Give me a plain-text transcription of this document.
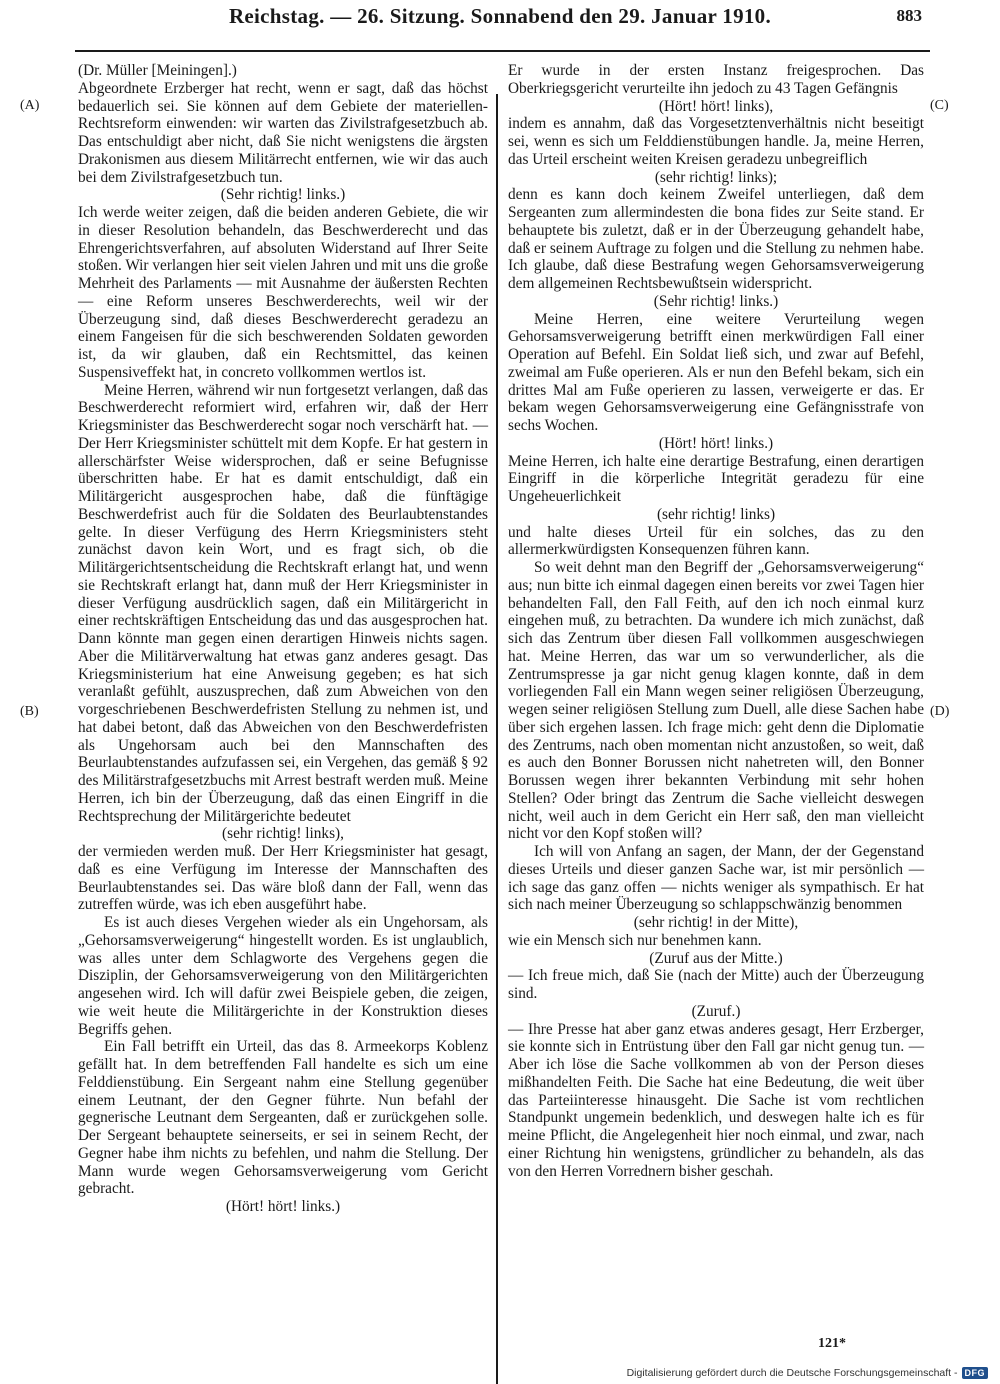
Reichstag. — 26. Sitzung. Sonnabend den 29. Januar 1910.	883
(A)
(B)
(C)
(D)

(Dr. Müller [Meiningen].)

Abgeordnete Erzberger hat recht, wenn er sagt, daß das höchst bedauerlich sei. Sie können auf dem Gebiete der materiellen-Rechtsreform einwenden: wir warten das Zivilstrafgesetzbuch ab. Das entschuldigt aber nicht, daß Sie nicht wenigstens die ärgsten Drakonismen aus diesem Militärrecht entfernen, wie wir das auch bei dem Zivilstrafgesetzbuch tun.

(Sehr richtig! links.)

Ich werde weiter zeigen, daß die beiden anderen Gebiete, die wir in dieser Resolution behandeln, das Beschwerderecht und das Ehrengerichtsverfahren, auf absoluten Widerstand auf Ihrer Seite stoßen. Wir verlangen hier seit vielen Jahren und mit uns die große Mehrheit des Parlaments — mit Ausnahme der äußersten Rechten — eine Reform unseres Beschwerderechts, weil wir der Überzeugung sind, daß dieses Beschwerderecht geradezu an einem Fangeisen für die sich beschwerenden Soldaten geworden ist, da wir glauben, daß ein Rechtsmittel, das keinen Suspensiveffekt hat, in concreto vollkommen wertlos ist.

Meine Herren, während wir nun fortgesetzt verlangen, daß das Beschwerderecht reformiert wird, erfahren wir, daß der Herr Kriegsminister das Beschwerderecht sogar noch verschärft hat. — Der Herr Kriegsminister schüttelt mit dem Kopfe. Er hat gestern in allerschärfster Weise widersprochen, daß er seine Befugnisse überschritten habe. Er hat es damit entschuldigt, daß ein Militärgericht ausgesprochen habe, daß die fünftägige Beschwerdefrist auch für die Soldaten des Beurlaubtenstandes gelte. In dieser Verfügung des Herrn Kriegsministers steht zunächst davon kein Wort, und es fragt sich, ob die Militärgerichtsentscheidung die Rechtskraft erlangt hat, und wenn sie Rechtskraft erlangt hat, dann muß der Herr Kriegsminister in dieser Verfügung ausdrücklich sagen, daß ein Militärgericht in einer rechtskräftigen Entscheidung das und das ausgesprochen hat. Dann könnte man gegen einen derartigen Hinweis nichts sagen. Aber die Militärverwaltung hat etwas ganz anderes gesagt. Das Kriegsministerium hat eine Anweisung gegeben; es hat sich veranlaßt gefühlt, auszusprechen, daß zum Abweichen von den vorgeschriebenen Beschwerdefristen Stellung zu nehmen ist, und hat dabei betont, daß das Abweichen von den Beschwerdefristen als Ungehorsam auch bei den Mannschaften des Beurlaubtenstandes aufzufassen sei, ein Vergehen, das gemäß § 92 des Militärstrafgesetzbuchs mit Arrest bestraft werden muß. Meine Herren, ich bin der Überzeugung, daß das einen Eingriff in die Rechtsprechung der Militärgerichte bedeutet

(sehr richtig! links),

der vermieden werden muß. Der Herr Kriegsminister hat gesagt, daß es eine Verfügung im Interesse der Mannschaften des Beurlaubtenstandes sei. Das wäre bloß dann der Fall, wenn das zutreffen würde, was ich eben ausgeführt habe.

Es ist auch dieses Vergehen wieder als ein Ungehorsam, als „Gehorsamsverweigerung“ hingestellt worden. Es ist unglaublich, was alles unter dem Schlagworte des Vergehens gegen die Disziplin, der Gehorsamsverweigerung von den Militärgerichten angesehen wird. Ich will dafür zwei Beispiele geben, die zeigen, wie weit heute die Militärgerichte in der Konstruktion dieses Begriffs gehen.

Ein Fall betrifft ein Urteil, das das 8. Armeekorps Koblenz gefällt hat. In dem betreffenden Fall handelte es sich um eine Felddienstübung. Ein Sergeant nahm eine Stellung gegenüber einem Leutnant, der den Gegner führte. Nun befahl der gegnerische Leutnant dem Sergeanten, daß er zurückgehen solle. Der Sergeant behauptete seinerseits, er sei in seinem Recht, der Gegner habe ihm nichts zu befehlen, und nahm die Stellung. Der Mann wurde wegen Gehorsamsverweigerung vom Gericht gebracht.

(Hört! hört! links.)

Er wurde in der ersten Instanz freigesprochen. Das Oberkriegsgericht verurteilte ihn jedoch zu 43 Tagen Gefängnis

(Hört! hört! links),

indem es annahm, daß das Vorgesetztenverhältnis nicht beseitigt sei, wenn es sich um Felddienstübungen handle. Ja, meine Herren, das Urteil erscheint weiten Kreisen geradezu unbegreiflich

(sehr richtig! links);

denn es kann doch keinem Zweifel unterliegen, daß dem Sergeanten zum allermindesten die bona fides zur Seite stand. Er behauptete bis zuletzt, daß er in der Überzeugung gehandelt habe, daß er seinem Auftrage zu folgen und die Stellung zu nehmen habe. Ich glaube, daß diese Bestrafung wegen Gehorsamsverweigerung dem allgemeinen Rechtsbewußtsein widerspricht.

(Sehr richtig! links.)

Meine Herren, eine weitere Verurteilung wegen Gehorsamsverweigerung betrifft einen merkwürdigen Fall einer Operation auf Befehl. Ein Soldat ließ sich, und zwar auf Befehl, zweimal am Fuße operieren. Als er nun den Befehl bekam, sich ein drittes Mal am Fuße operieren zu lassen, verweigerte er das. Er bekam wegen Gehorsamsverweigerung eine Gefängnisstrafe von sechs Wochen.

(Hört! hört! links.)

Meine Herren, ich halte eine derartige Bestrafung, einen derartigen Eingriff in die körperliche Integrität geradezu für eine Ungeheuerlichkeit

(sehr richtig! links)

und halte dieses Urteil für ein solches, das zu den allermerkwürdigsten Konsequenzen führen kann.

So weit dehnt man den Begriff der „Gehorsamsverweigerung“ aus; nun bitte ich einmal dagegen einen bereits vor zwei Tagen hier behandelten Fall, den Fall Feith, auf den ich noch einmal kurz eingehen muß, zu betrachten. Da wundere ich mich zunächst, daß sich das Zentrum über diesen Fall vollkommen ausgeschwiegen hat. Meine Herren, das war um so verwunderlicher, als die Zentrumspresse ja gar nicht genug klagen konnte, daß in dem vorliegenden Fall ein Mann wegen seiner religiösen Überzeugung, wegen seiner religiösen Stellung zum Duell, alle diese Sachen habe über sich ergehen lassen. Ich frage mich: geht denn die Diplomatie des Zentrums, nach oben momentan nicht anzustoßen, so weit, daß es auch den Bonner Borussen nicht nahetreten will, den Bonner Borussen wegen ihrer bekannten Verbindung mit sehr hohen Stellen? Oder bringt das Zentrum die Sache vielleicht deswegen nicht, weil auch in dem Gericht ein Herr saß, den man vielleicht nicht vor den Kopf stoßen will?

Ich will von Anfang an sagen, der Mann, der der Gegenstand dieses Urteils und dieser ganzen Sache war, ist mir persönlich — ich sage das ganz offen — nichts weniger als sympathisch. Er hat sich nach meiner Überzeugung so schlappschwänzig benommen

(sehr richtig! in der Mitte),

wie ein Mensch sich nur benehmen kann.

(Zuruf aus der Mitte.)

— Ich freue mich, daß Sie (nach der Mitte) auch der Überzeugung sind.

(Zuruf.)

— Ihre Presse hat aber ganz etwas anderes gesagt, Herr Erzberger, sie konnte sich in Entrüstung über den Fall gar nicht genug tun. — Aber ich löse die Sache vollkommen ab von der Person dieses mißhandelten Feith. Die Sache hat eine Bedeutung, die weit über das Parteiinteresse hinausgeht. Die Sache ist vom rechtlichen Standpunkt ungemein bedenklich, und deswegen halte ich es für meine Pflicht, die Angelegenheit hier noch einmal, und zwar, nach einer Richtung hin wenigstens, gründlicher zu behandeln, als das von den Herren Vorrednern bisher geschah.

121*
Digitalisierung gefördert durch die Deutsche Forschungsgemeinschaft - DFG
